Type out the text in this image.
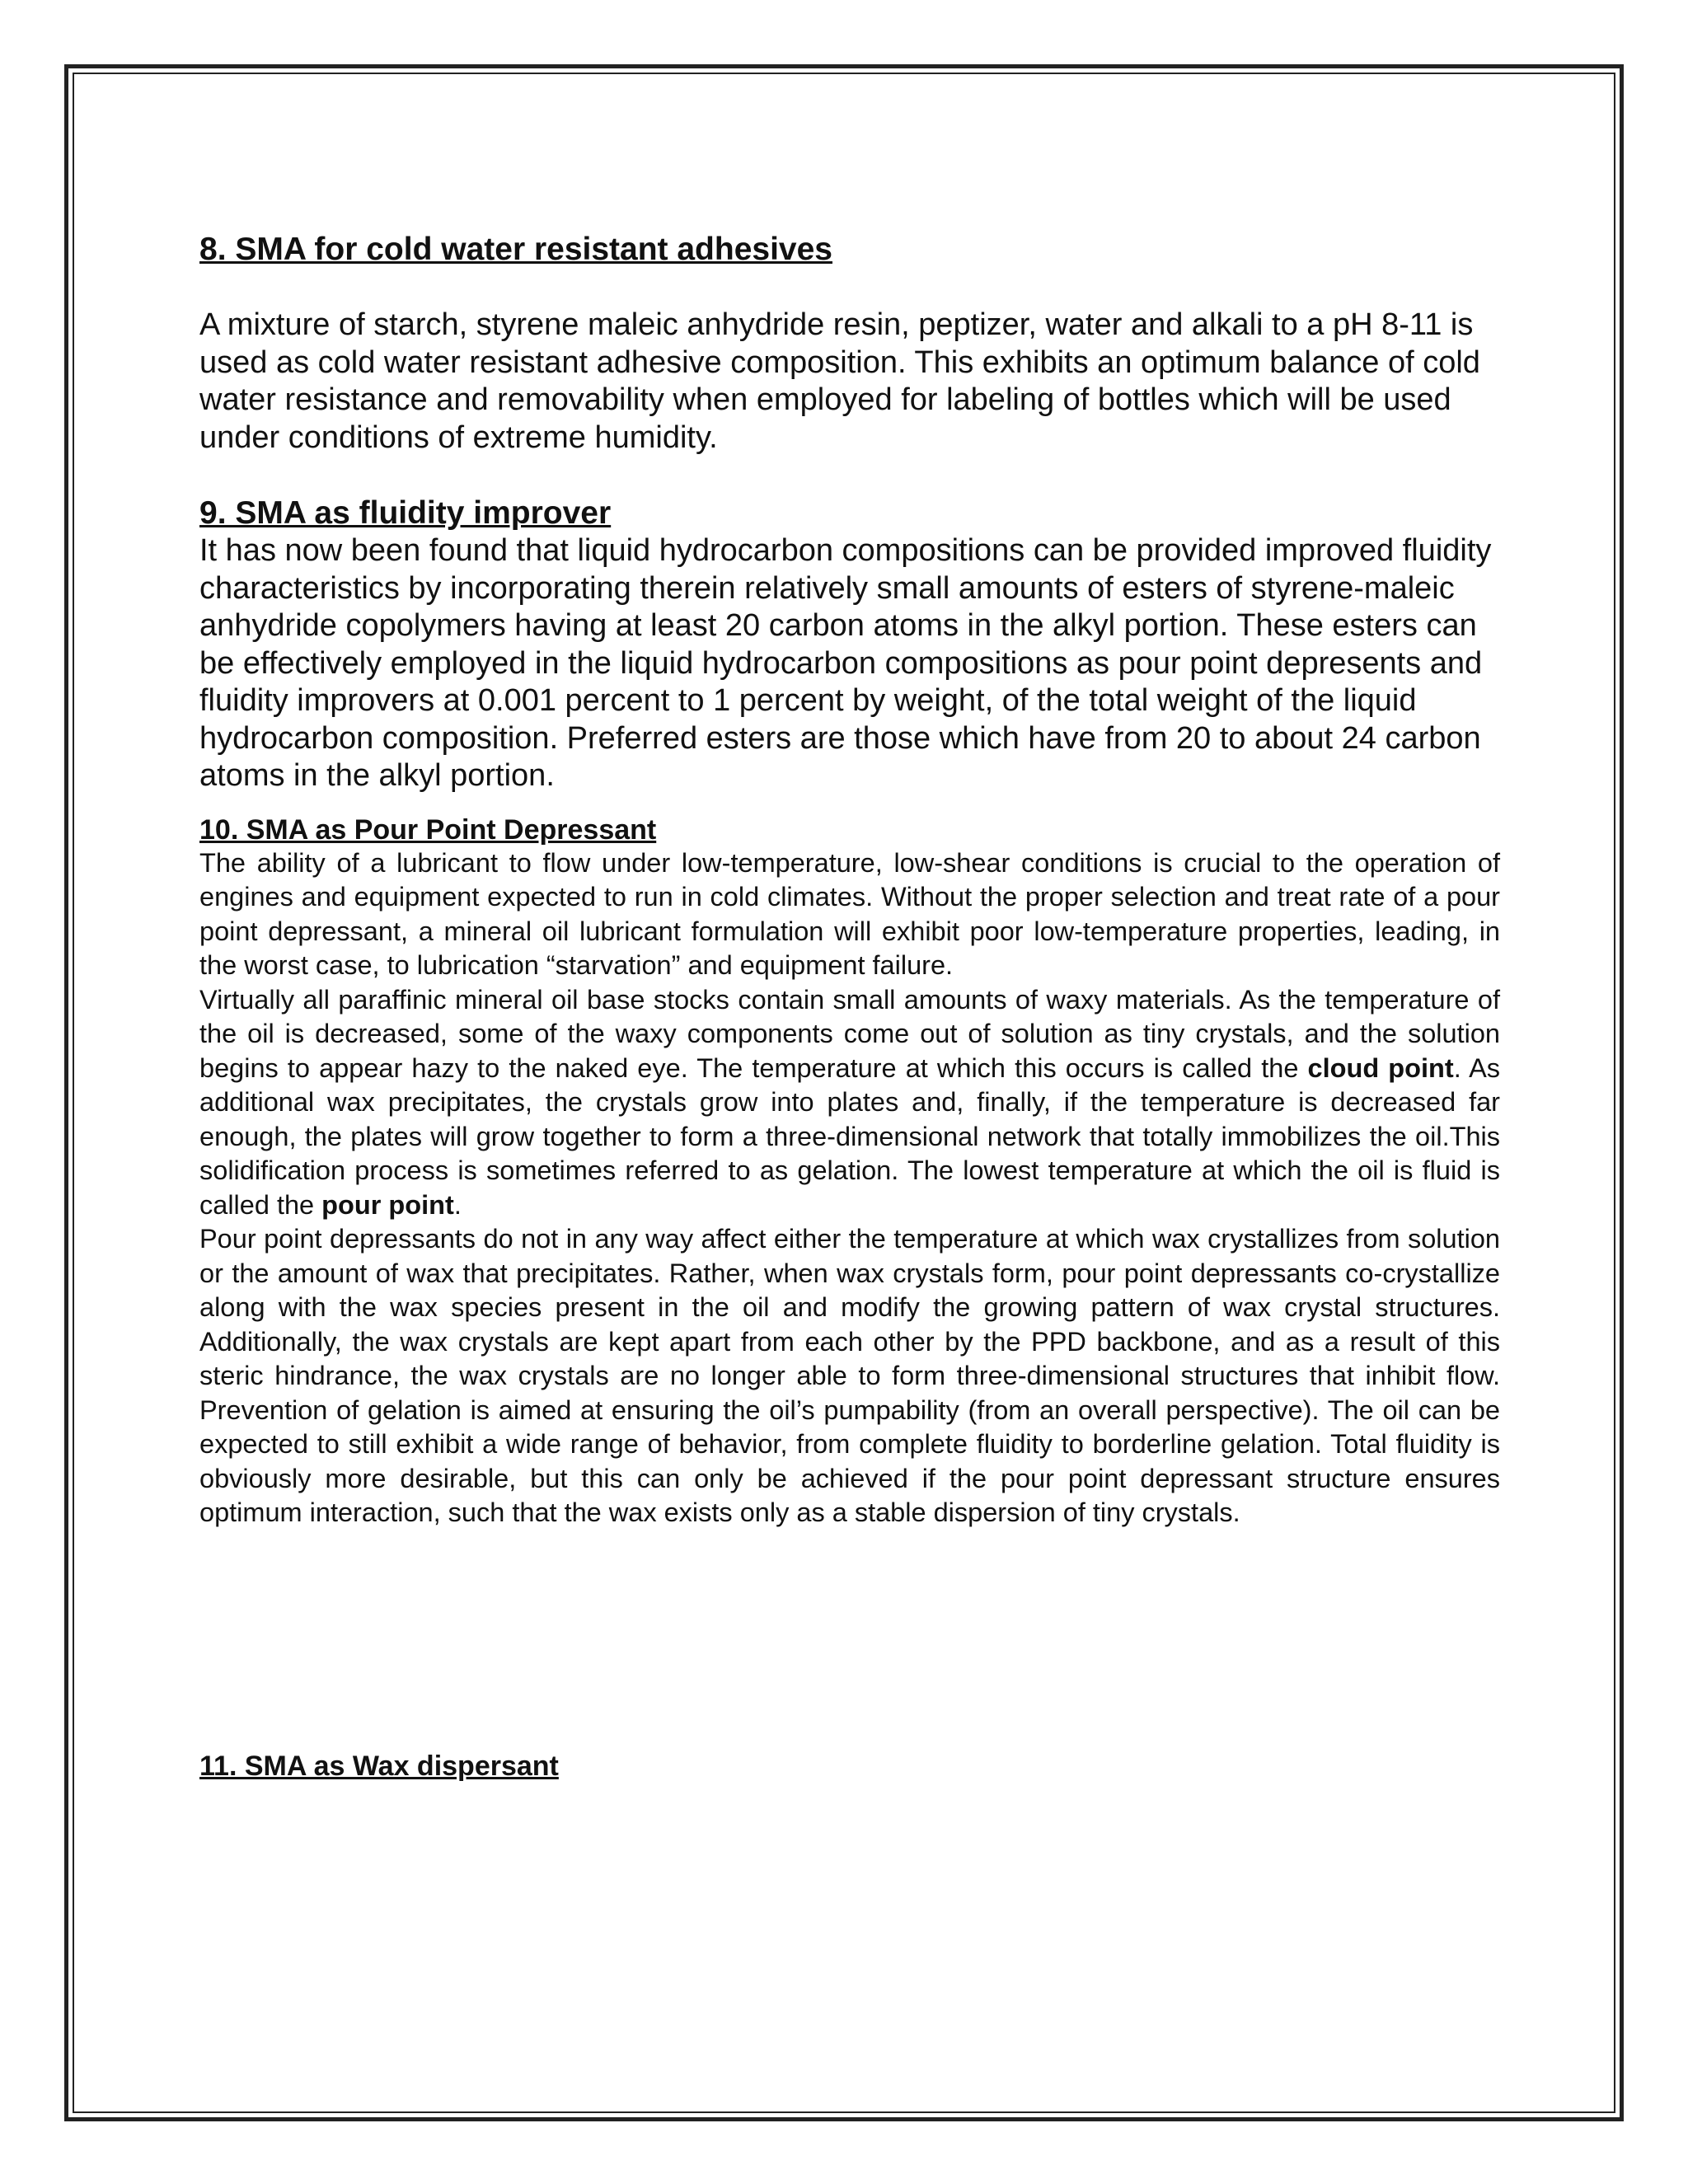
8. SMA for cold water resistant adhesives

A mixture of starch, styrene maleic anhydride resin, peptizer, water and alkali to a pH 8-11 is used as cold water resistant adhesive composition. This exhibits an optimum balance of cold water resistance and removability when employed for labeling of bottles which will be used under conditions of extreme humidity.

9. SMA as fluidity improver

It has now been found that liquid hydrocarbon compositions can be provided improved fluidity characteristics by incorporating therein relatively small amounts of esters of styrene-maleic anhydride copolymers having at least 20 carbon atoms in the alkyl portion. These esters can be effectively employed in the liquid hydrocarbon compositions as pour point depresents and fluidity improvers at 0.001 percent to 1 percent by weight, of the total weight of the liquid hydrocarbon composition. Preferred esters are those which have from 20 to about 24 carbon atoms in the alkyl portion.

10. SMA as Pour Point Depressant

The ability of a lubricant to flow under low-temperature, low-shear conditions is crucial to the operation of engines and equipment expected to run in cold climates. Without the proper selection and treat rate of a pour point depressant, a mineral oil lubricant formulation will exhibit poor low-temperature properties, leading, in the worst case, to lubrication “starvation” and equipment failure.

Virtually all paraffinic mineral oil base stocks contain small amounts of waxy materials. As the temperature of the oil is decreased, some of the waxy components come out of solution as tiny crystals, and the solution begins to appear hazy to the naked eye. The temperature at which this occurs is called the cloud point. As additional wax precipitates, the crystals grow into plates and, finally, if the temperature is decreased far enough, the plates will grow together to form a three-dimensional network that totally immobilizes the oil.This solidification process is sometimes referred to as gelation. The lowest temperature at which the oil is fluid is called the pour point.

Pour point depressants do not in any way affect either the temperature at which wax crystallizes from solution or the amount of wax that precipitates. Rather, when wax crystals form, pour point depressants co-crystallize along with the wax species present in the oil and modify the growing pattern of wax crystal structures. Additionally, the wax crystals are kept apart from each other by the PPD backbone, and as a result of this steric hindrance, the wax crystals are no longer able to form three-dimensional structures that inhibit flow. Prevention of gelation is aimed at ensuring the oil’s pumpability (from an overall perspective). The oil can be expected to still exhibit a wide range of behavior, from complete fluidity to borderline gelation. Total fluidity is obviously more desirable, but this can only be achieved if the pour point depressant structure ensures optimum interaction, such that the wax exists only as a stable dispersion of tiny crystals.

11. SMA as Wax dispersant
